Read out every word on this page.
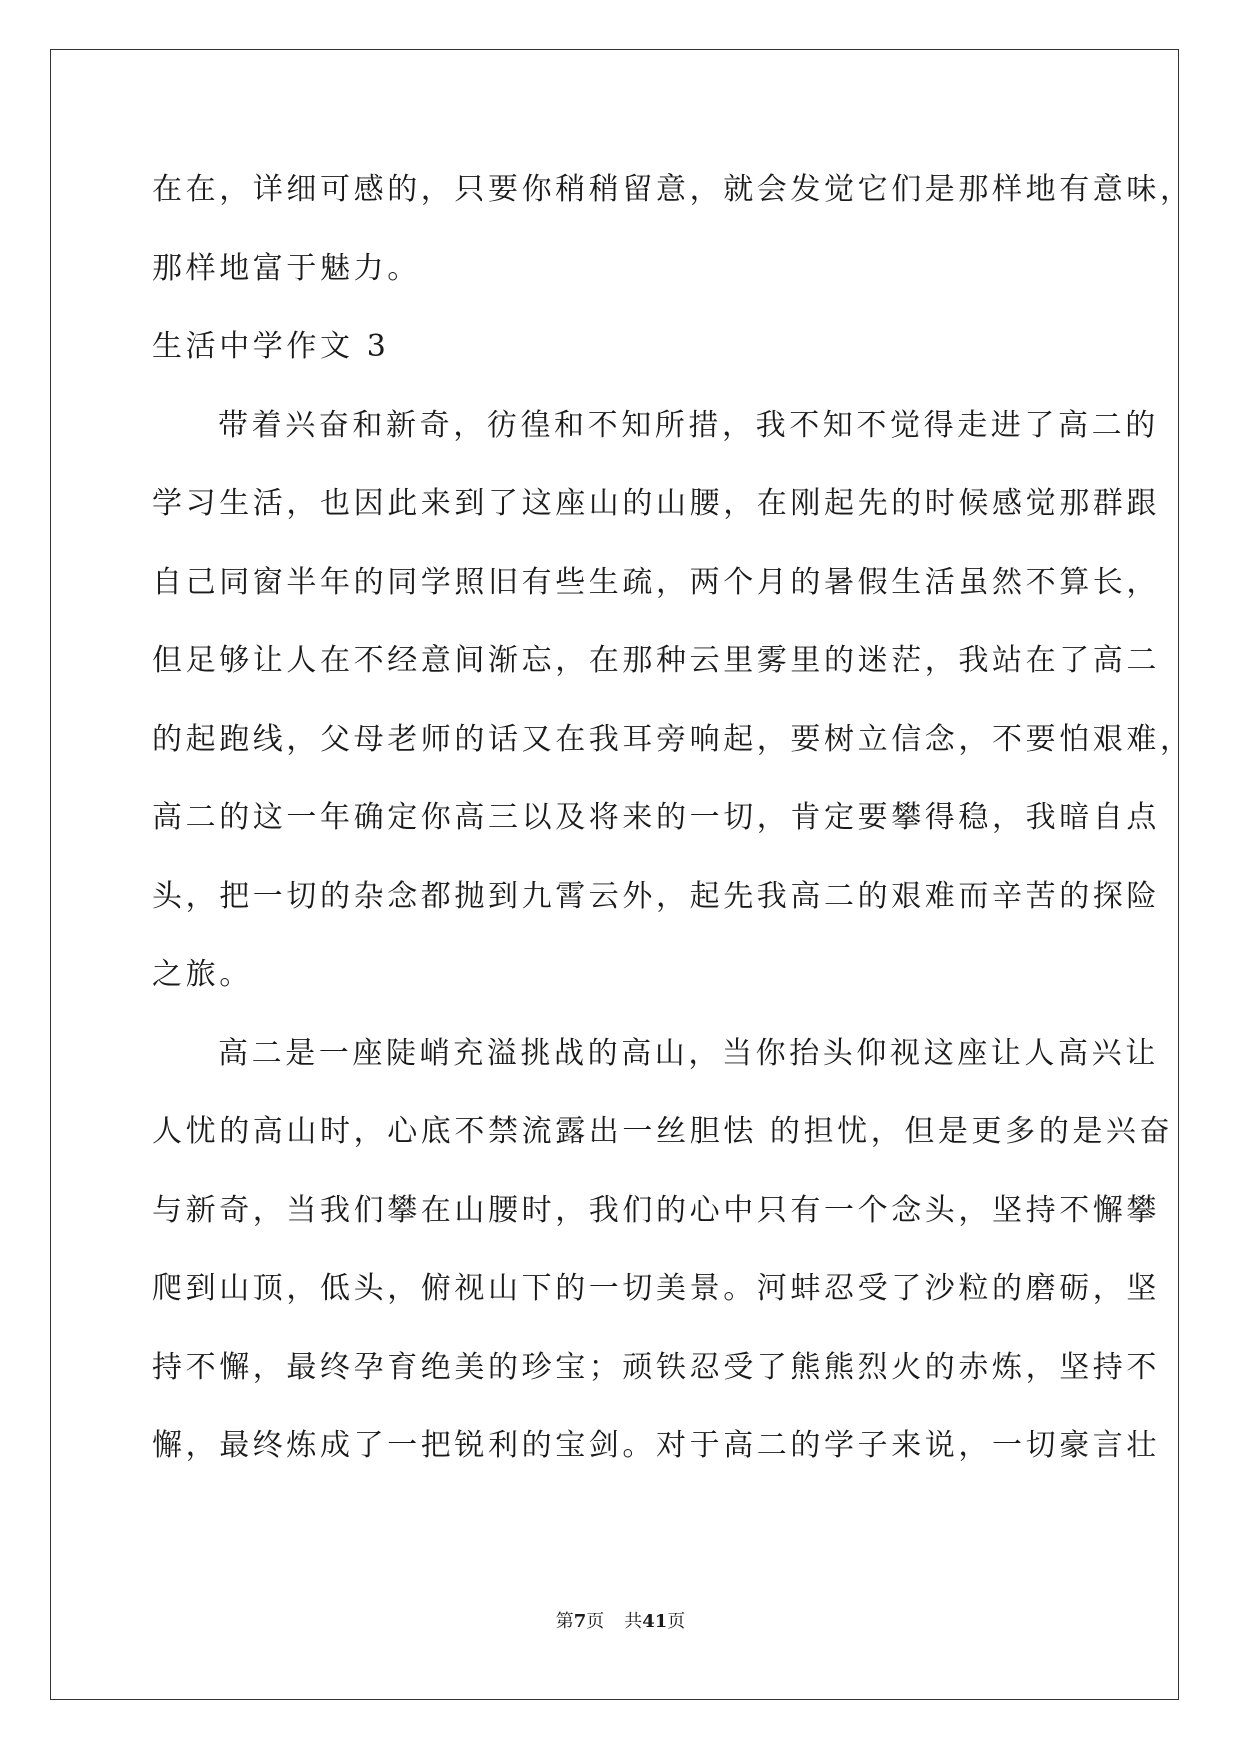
在在，详细可感的，只要你稍稍留意，就会发觉它们是那样地有意味，
那样地富于魅力。
生活中学作文 3
带着兴奋和新奇，彷徨和不知所措，我不知不觉得走进了高二的
学习生活，也因此来到了这座山的山腰，在刚起先的时候感觉那群跟
自己同窗半年的同学照旧有些生疏，两个月的暑假生活虽然不算长，
但足够让人在不经意间渐忘，在那种云里雾里的迷茫，我站在了高二
的起跑线，父母老师的话又在我耳旁响起，要树立信念，不要怕艰难，
高二的这一年确定你高三以及将来的一切，肯定要攀得稳，我暗自点
头，把一切的杂念都抛到九霄云外，起先我高二的艰难而辛苦的探险
之旅。
高二是一座陡峭充溢挑战的高山，当你抬头仰视这座让人高兴让
人忧的高山时，心底不禁流露出一丝胆怯 的担忧，但是更多的是兴奋
与新奇，当我们攀在山腰时，我们的心中只有一个念头，坚持不懈攀
爬到山顶，低头，俯视山下的一切美景。河蚌忍受了沙粒的磨砺，坚
持不懈，最终孕育绝美的珍宝；顽铁忍受了熊熊烈火的赤炼，坚持不
懈，最终炼成了一把锐利的宝剑。对于高二的学子来说，一切豪言壮
第7页 共41页
